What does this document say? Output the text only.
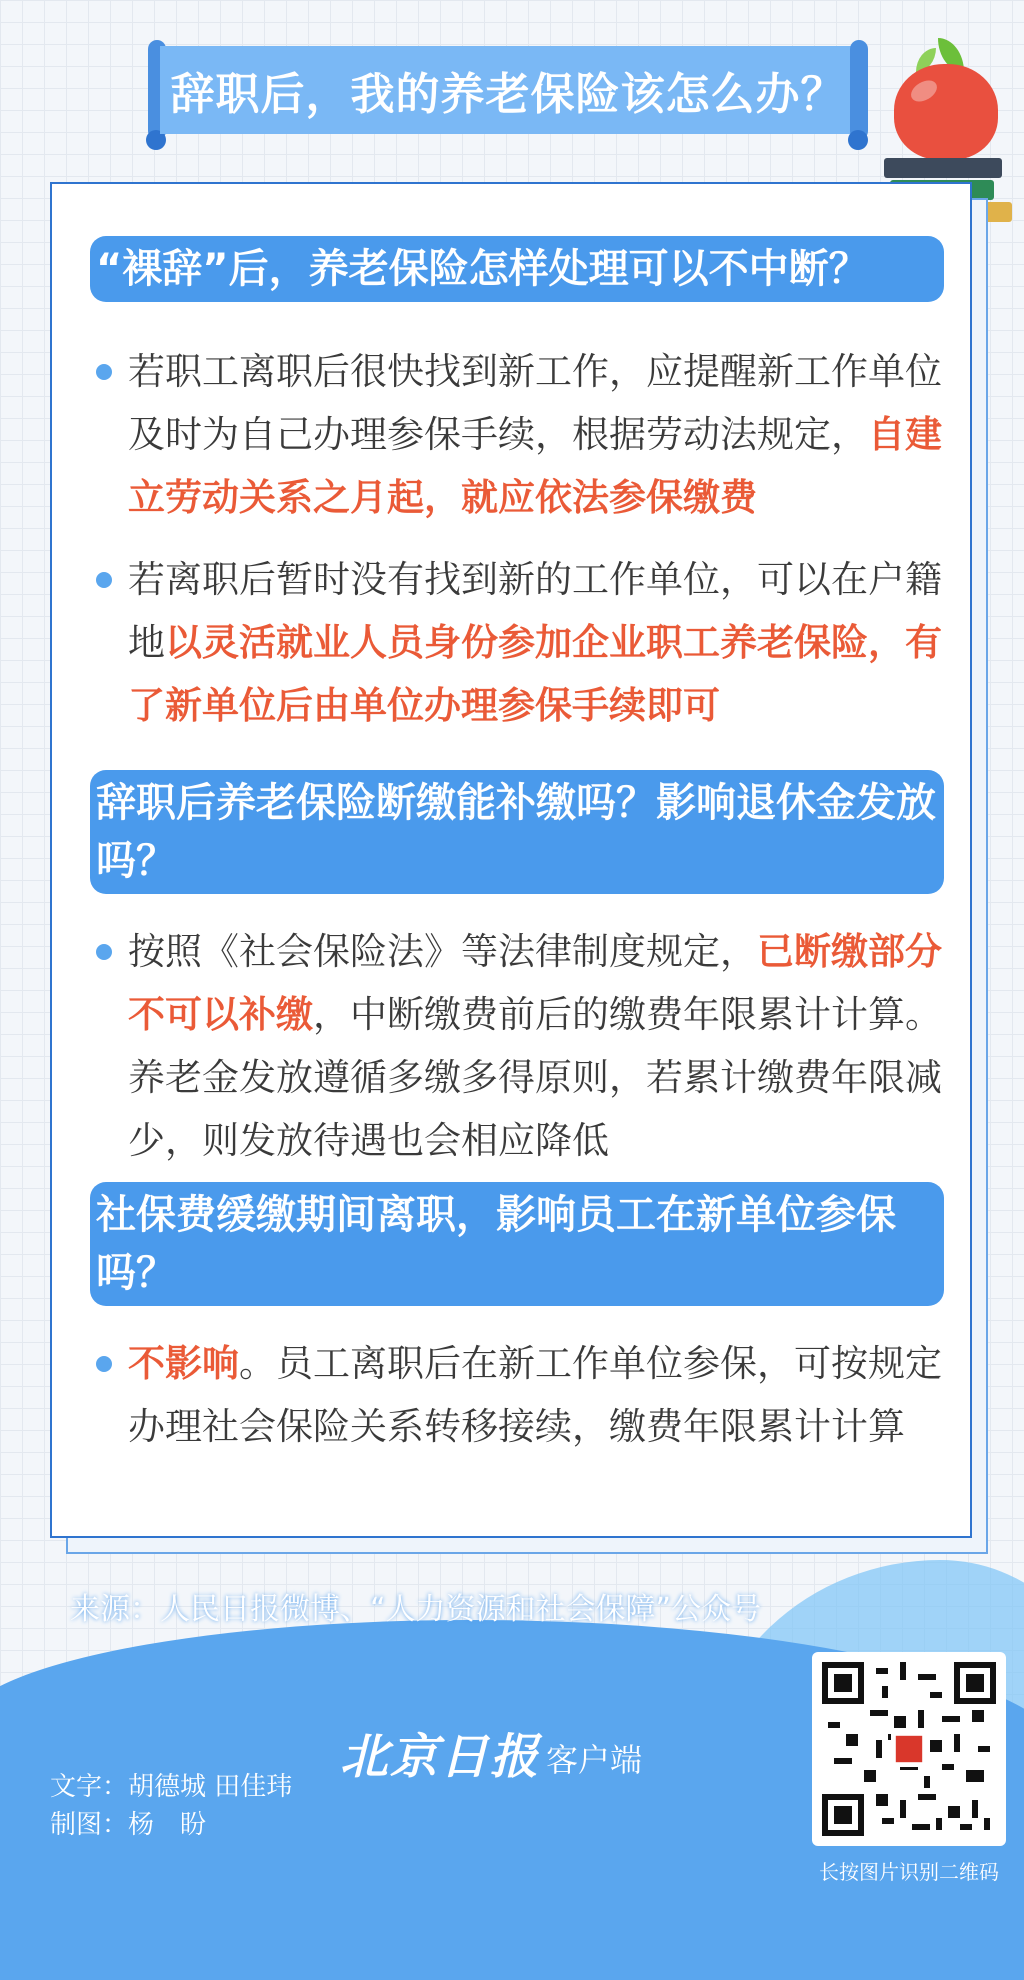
辞职后，我的养老保险该怎么办？
“裸辞”后，养老保险怎样处理可以不中断？
若职工离职后很快找到新工作，应提醒新工作单位及时为自己办理参保手续，根据劳动法规定，自建立劳动关系之月起，就应依法参保缴费
若离职后暂时没有找到新的工作单位，可以在户籍地以灵活就业人员身份参加企业职工养老保险，有了新单位后由单位办理参保手续即可
辞职后养老保险断缴能补缴吗？影响退休金发放吗？
按照《社会保险法》等法律制度规定，已断缴部分不可以补缴，中断缴费前后的缴费年限累计计算。养老金发放遵循多缴多得原则，若累计缴费年限减少，则发放待遇也会相应降低
社保费缓缴期间离职，影响员工在新单位参保吗？
不影响。员工离职后在新工作单位参保，可按规定办理社会保险关系转移接续，缴费年限累计计算
来源：人民日报微博、“人力资源和社会保障”公众号
北京日报 客户端
文字：胡德城 田佳玮
制图：杨　盼
长按图片识别二维码
